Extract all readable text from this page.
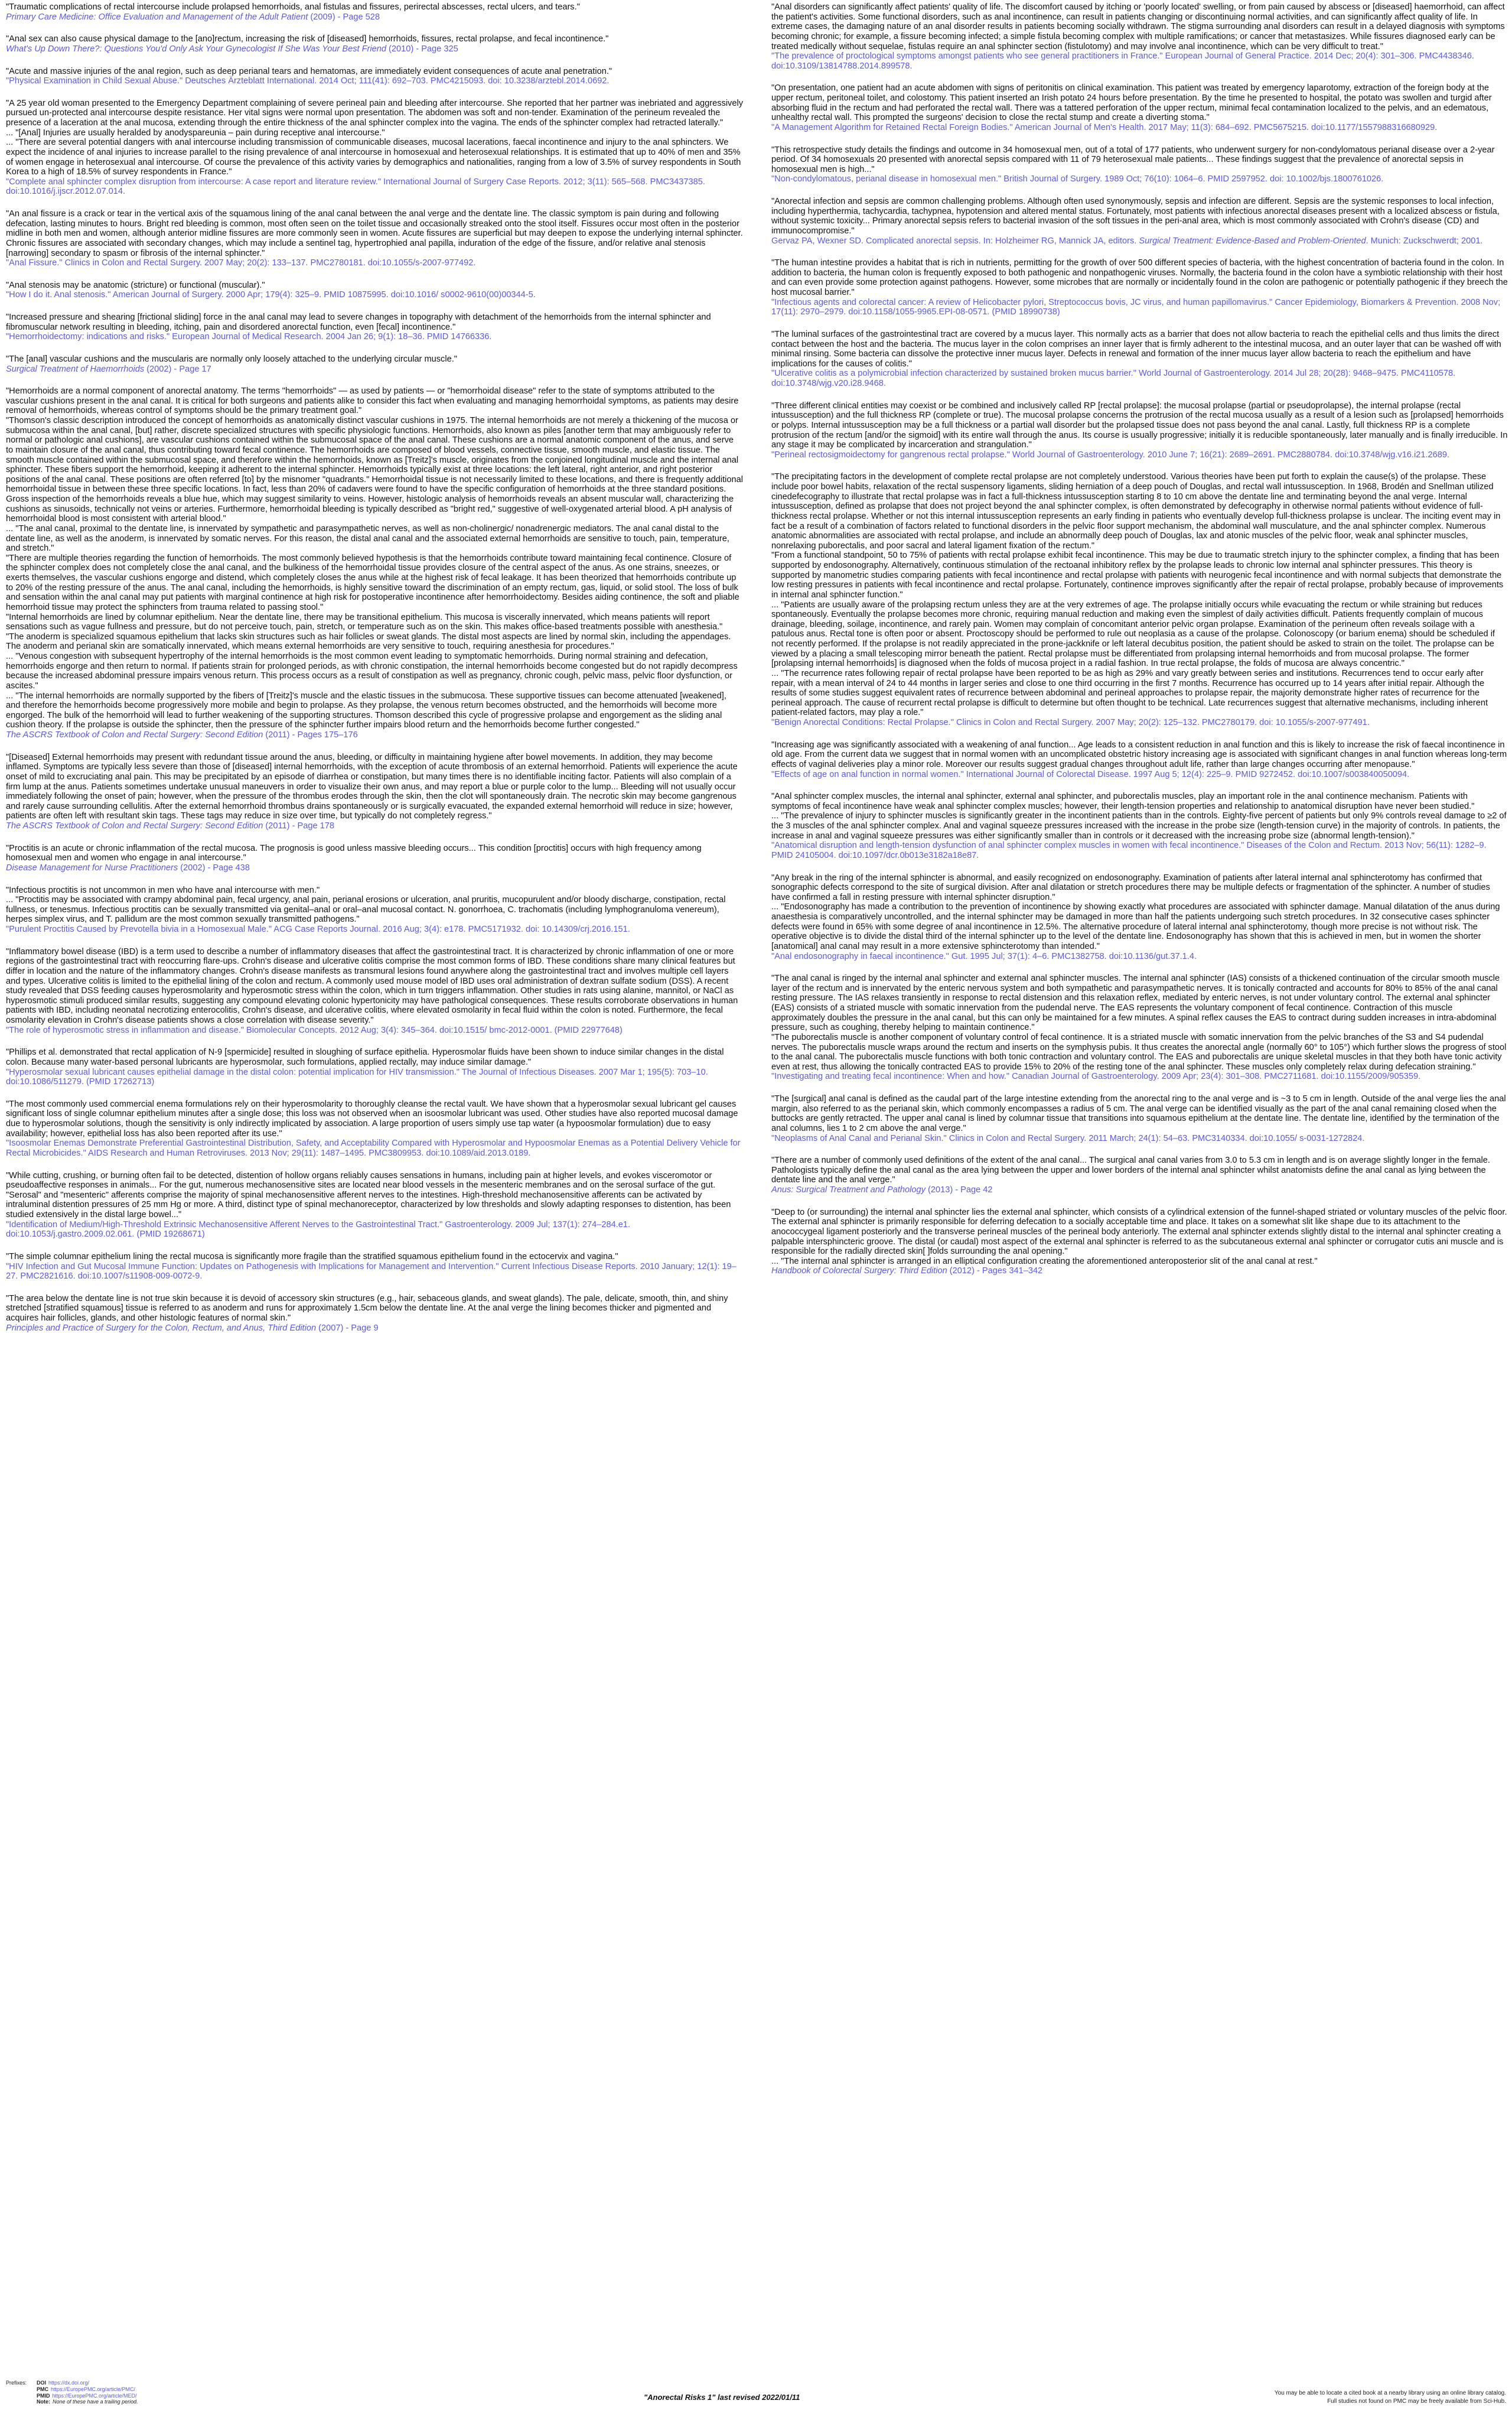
"Traumatic complications of rectal intercourse include prolapsed hemorrhoids, anal fistulas and fissures, perirectal abscesses, rectal ulcers, and tears."

Primary Care Medicine: Office Evaluation and Management of the Adult Patient (2009) - Page 528

"Anal sex can also cause physical damage to the [ano]rectum, increasing the risk of [diseased] hemorrhoids, fissures, rectal prolapse, and fecal incontinence."

What's Up Down There?: Questions You'd Only Ask Your Gynecologist If She Was Your Best Friend (2010) - Page 325

"Acute and massive injuries of the anal region, such as deep perianal tears and hematomas, are immediately evident consequences of acute anal penetration."

"Physical Examination in Child Sexual Abuse." Deutsches Ärzteblatt International. 2014 Oct; 111(41): 692–703. PMC4215093. doi: 10.3238/arztebl.2014.0692.

"A 25 year old woman presented to the Emergency Department complaining of severe perineal pain and bleeding after intercourse. She reported that her partner was inebriated and aggressively pursued un-protected anal intercourse despite resistance. Her vital signs were normal upon presentation. The abdomen was soft and non-tender. Examination of the perineum revealed the presence of a laceration at the anal mucosa, extending through the entire thickness of the anal sphincter complex into the vagina. The ends of the sphincter complex had retracted laterally."
... "[Anal] Injuries are usually heralded by anodyspareunia – pain during receptive anal intercourse."
... "There are several potential dangers with anal intercourse including transmission of communicable diseases, mucosal lacerations, faecal incontinence and injury to the anal sphincters. We expect the incidence of anal injuries to increase parallel to the rising prevalence of anal intercourse in homosexual and heterosexual relationships. It is estimated that up to 40% of men and 35% of women engage in heterosexual anal intercourse. Of course the prevalence of this activity varies by demographics and nationalities, ranging from a low of 3.5% of survey respondents in South Korea to a high of 18.5% of survey respondents in France."

"Complete anal sphincter complex disruption from intercourse: A case report and literature review." International Journal of Surgery Case Reports. 2012; 3(11): 565–568. PMC3437385. doi:10.1016/j.ijscr.2012.07.014.

"An anal fissure is a crack or tear in the vertical axis of the squamous lining of the anal canal between the anal verge and the dentate line. The classic symptom is pain during and following defecation, lasting minutes to hours. Bright red bleeding is common, most often seen on the toilet tissue and occasionally streaked onto the stool itself. Fissures occur most often in the posterior midline in both men and women, although anterior midline fissures are more commonly seen in women. Acute fissures are superficial but may deepen to expose the underlying internal sphincter. Chronic fissures are associated with secondary changes, which may include a sentinel tag, hypertrophied anal papilla, induration of the edge of the fissure, and/or relative anal stenosis [narrowing] secondary to spasm or fibrosis of the internal sphincter."

"Anal Fissure." Clinics in Colon and Rectal Surgery. 2007 May; 20(2): 133–137. PMC2780181. doi:10.1055/s-2007-977492.

"Anal stenosis may be anatomic (stricture) or functional (muscular)."

"How I do it. Anal stenosis." American Journal of Surgery. 2000 Apr; 179(4): 325–9. PMID 10875995. doi:10.1016/ s0002-9610(00)00344-5.

"Increased pressure and shearing [frictional sliding] force in the anal canal may lead to severe changes in topography with detachment of the hemorrhoids from the internal sphincter and fibromuscular network resulting in bleeding, itching, pain and disordered anorectal function, even [fecal] incontinence."

"Hemorrhoidectomy: indications and risks." European Journal of Medical Research. 2004 Jan 26; 9(1): 18–36. PMID 14766336.

"The [anal] vascular cushions and the muscularis are normally only loosely attached to the underlying circular muscle."

Surgical Treatment of Haemorrhoids (2002) - Page 17

"Hemorrhoids are a normal component of anorectal anatomy. The terms "hemorrhoids" — as used by patients — or "hemorrhoidal disease" refer to the state of symptoms attributed to the vascular cushions present in the anal canal. It is critical for both surgeons and patients alike to consider this fact when evaluating and managing hemorrhoidal symptoms, as patients may desire removal of hemorrhoids, whereas control of symptoms should be the primary treatment goal."
"Thomson's classic description introduced the concept of hemorrhoids as anatomically distinct vascular cushions in 1975. The internal hemorrhoids are not merely a thickening of the mucosa or submucosa within the anal canal, [but] rather, discrete specialized structures with specific physiologic functions. Hemorrhoids, also known as piles [another term that may ambiguously refer to normal or pathologic anal cushions], are vascular cushions contained within the submucosal space of the anal canal. These cushions are a normal anatomic component of the anus, and serve to maintain closure of the anal canal, thus contributing toward fecal continence. The hemorrhoids are composed of blood vessels, connective tissue, smooth muscle, and elastic tissue. The smooth muscle contained within the submucosal space, and therefore within the hemorrhoids, known as [Treitz]'s muscle, originates from the conjoined longitudinal muscle and the internal anal sphincter. These fibers support the hemorrhoid, keeping it adherent to the internal sphincter. Hemorrhoids typically exist at three locations: the left lateral, right anterior, and right posterior positions of the anal canal. These positions are often referred [to] by the misnomer "quadrants." Hemorrhoidal tissue is not necessarily limited to these locations, and there is frequently additional hemorrhoidal tissue in between these three specific locations. In fact, less than 20% of cadavers were found to have the specific configuration of hemorrhoids at the three standard positions. Gross inspection of the hemorrhoids reveals a blue hue, which may suggest similarity to veins. However, histologic analysis of hemorrhoids reveals an absent muscular wall, characterizing the cushions as sinusoids, technically not veins or arteries. Furthermore, hemorrhoidal bleeding is typically described as "bright red," suggestive of well-oxygenated arterial blood. A pH analysis of hemorrhoidal blood is most consistent with arterial blood."
... "The anal canal, proximal to the dentate line, is innervated by sympathetic and parasympathetic nerves, as well as non-cholinergic/ nonadrenergic mediators. The anal canal distal to the dentate line, as well as the anoderm, is innervated by somatic nerves. For this reason, the distal anal canal and the associated external hemorrhoids are sensitive to touch, pain, temperature, and stretch."
"There are multiple theories regarding the function of hemorrhoids. The most commonly believed hypothesis is that the hemorrhoids contribute toward maintaining fecal continence. Closure of the sphincter complex does not completely close the anal canal, and the bulkiness of the hemorrhoidal tissue provides closure of the central aspect of the anus. As one strains, sneezes, or exerts themselves, the vascular cushions engorge and distend, which completely closes the anus while at the highest risk of fecal leakage. It has been theorized that hemorrhoids contribute up to 20% of the resting pressure of the anus. The anal canal, including the hemorrhoids, is highly sensitive toward the discrimination of an empty rectum, gas, liquid, or solid stool. The loss of bulk and sensation within the anal canal may put patients with marginal continence at high risk for postoperative incontinence after hemorrhoidectomy. Besides aiding continence, the soft and pliable hemorrhoid tissue may protect the sphincters from trauma related to passing stool."
"Internal hemorrhoids are lined by columnar epithelium. Near the dentate line, there may be transitional epithelium. This mucosa is viscerally innervated, which means patients will report sensations such as vague fullness and pressure, but do not perceive touch, pain, stretch, or temperature such as on the skin. This makes office-based treatments possible with anesthesia."
"The anoderm is specialized squamous epithelium that lacks skin structures such as hair follicles or sweat glands. The distal most aspects are lined by normal skin, including the appendages. The anoderm and perianal skin are somatically innervated, which means external hemorrhoids are very sensitive to touch, requiring anesthesia for procedures."
... "Venous congestion with subsequent hypertrophy of the internal hemorrhoids is the most common event leading to symptomatic hemorrhoids. During normal straining and defecation, hemorrhoids engorge and then return to normal. If patients strain for prolonged periods, as with chronic constipation, the internal hemorrhoids become congested but do not rapidly decompress because the increased abdominal pressure impairs venous return. This process occurs as a result of constipation as well as pregnancy, chronic cough, pelvic mass, pelvic floor dysfunction, or ascites."
... "The internal hemorrhoids are normally supported by the fibers of [Treitz]'s muscle and the elastic tissues in the submucosa. These supportive tissues can become attenuated [weakened], and therefore the hemorrhoids become progressively more mobile and begin to prolapse. As they prolapse, the venous return becomes obstructed, and the hemorrhoids will become more engorged. The bulk of the hemorrhoid will lead to further weakening of the supporting structures. Thomson described this cycle of progressive prolapse and engorgement as the sliding anal cushion theory. If the prolapse is outside the sphincter, then the pressure of the sphincter further impairs blood return and the hemorrhoids become further congested."

The ASCRS Textbook of Colon and Rectal Surgery: Second Edition (2011) - Pages 175–176

"[Diseased] External hemorrhoids may present with redundant tissue around the anus, bleeding, or difficulty in maintaining hygiene after bowel movements. In addition, they may become inflamed. Symptoms are typically less severe than those of [diseased] internal hemorrhoids, with the exception of acute thrombosis of an external hemorrhoid. Patients will experience the acute onset of mild to excruciating anal pain. This may be precipitated by an episode of diarrhea or constipation, but many times there is no identifiable inciting factor. Patients will also complain of a firm lump at the anus. Patients sometimes undertake unusual maneuvers in order to visualize their own anus, and may report a blue or purple color to the lump... Bleeding will not usually occur immediately following the onset of pain; however, when the pressure of the thrombus erodes through the skin, then the clot will spontaneously drain. The necrotic skin may become gangrenous and rarely cause surrounding cellulitis. After the external hemorrhoid thrombus drains spontaneously or is surgically evacuated, the expanded external hemorrhoid will reduce in size; however, patients are often left with resultant skin tags. These tags may reduce in size over time, but typically do not completely regress."

The ASCRS Textbook of Colon and Rectal Surgery: Second Edition (2011) - Page 178

"Proctitis is an acute or chronic inflammation of the rectal mucosa. The prognosis is good unless massive bleeding occurs... This condition [proctitis] occurs with high frequency among homosexual men and women who engage in anal intercourse."

Disease Management for Nurse Practitioners (2002) - Page 438

"Infectious proctitis is not uncommon in men who have anal intercourse with men."
... "Proctitis may be associated with crampy abdominal pain, fecal urgency, anal pain, perianal erosions or ulceration, anal pruritis, mucopurulent and/or bloody discharge, constipation, rectal fullness, or tenesmus. Infectious proctitis can be sexually transmitted via genital–anal or oral–anal mucosal contact. N. gonorrhoea, C. trachomatis (including lymphogranuloma venereum), herpes simplex virus, and T. pallidum are the most common sexually transmitted pathogens."

"Purulent Proctitis Caused by Prevotella bivia in a Homosexual Male." ACG Case Reports Journal. 2016 Aug; 3(4): e178. PMC5171932. doi: 10.14309/crj.2016.151.

"Inflammatory bowel disease (IBD) is a term used to describe a number of inflammatory diseases that affect the gastrointestinal tract. It is characterized by chronic inflammation of one or more regions of the gastrointestinal tract with reoccurring flare-ups. Crohn's disease and ulcerative colitis comprise the most common forms of IBD. These conditions share many clinical features but differ in location and the nature of the inflammatory changes. Crohn's disease manifests as transmural lesions found anywhere along the gastrointestinal tract and involves multiple cell layers and types. Ulcerative colitis is limited to the epithelial lining of the colon and rectum. A commonly used mouse model of IBD uses oral administration of dextran sulfate sodium (DSS). A recent study revealed that DSS feeding causes hyperosmolarity and hyperosmotic stress within the colon, which in turn triggers inflammation. Other studies in rats using alanine, mannitol, or NaCl as hyperosmotic stimuli produced similar results, suggesting any compound elevating colonic hypertonicity may have pathological consequences. These results corroborate observations in human patients with IBD, including neonatal necrotizing enterocolitis, Crohn's disease, and ulcerative colitis, where elevated osmolarity in fecal fluid within the colon is noted. Furthermore, the fecal osmolarity elevation in Crohn's disease patients shows a close correlation with disease severity."

"The role of hyperosmotic stress in inflammation and disease." Biomolecular Concepts. 2012 Aug; 3(4): 345–364. doi:10.1515/ bmc-2012-0001. (PMID 22977648)

"Phillips et al. demonstrated that rectal application of N-9 [spermicide] resulted in sloughing of surface epithelia. Hyperosmolar fluids have been shown to induce similar changes in the distal colon. Because many water-based personal lubricants are hyperosmolar, such formulations, applied rectally, may induce similar damage."

"Hyperosmolar sexual lubricant causes epithelial damage in the distal colon: potential implication for HIV transmission." The Journal of Infectious Diseases. 2007 Mar 1; 195(5): 703–10. doi:10.1086/511279. (PMID 17262713)

"The most commonly used commercial enema formulations rely on their hyperosmolarity to thoroughly cleanse the rectal vault. We have shown that a hyperosmolar sexual lubricant gel causes significant loss of single columnar epithelium minutes after a single dose; this loss was not observed when an isoosmolar lubricant was used. Other studies have also reported mucosal damage due to hyperosmolar solutions, though the sensitivity is only indirectly implicated by association. A large proportion of users simply use tap water (a hypoosmolar formulation) due to easy availability; however, epithelial loss has also been reported after its use."

"Isoosmolar Enemas Demonstrate Preferential Gastrointestinal Distribution, Safety, and Acceptability Compared with Hyperosmolar and Hypoosmolar Enemas as a Potential Delivery Vehicle for Rectal Microbicides." AIDS Research and Human Retroviruses. 2013 Nov; 29(11): 1487–1495. PMC3809953. doi:10.1089/aid.2013.0189.

"While cutting, crushing, or burning often fail to be detected, distention of hollow organs reliably causes sensations in humans, including pain at higher levels, and evokes visceromotor or pseudoaffective responses in animals... For the gut, numerous mechanosensitive sites are located near blood vessels in the mesenteric membranes and on the serosal surface of the gut. "Serosal" and "mesenteric" afferents comprise the majority of spinal mechanosensitive afferent nerves to the intestines. High-threshold mechanosensitive afferents can be activated by intraluminal distention pressures of 25 mm Hg or more. A third, distinct type of spinal mechanoreceptor, characterized by low thresholds and slowly adapting responses to distention, has been studied extensively in the distal large bowel..."

"Identification of Medium/High-Threshold Extrinsic Mechanosensitive Afferent Nerves to the Gastrointestinal Tract." Gastroenterology. 2009 Jul; 137(1): 274–284.e1. doi:10.1053/j.gastro.2009.02.061. (PMID 19268671)

"The simple columnar epithelium lining the rectal mucosa is significantly more fragile than the stratified squamous epithelium found in the ectocervix and vagina."

"HIV Infection and Gut Mucosal Immune Function: Updates on Pathogenesis with Implications for Management and Intervention." Current Infectious Disease Reports. 2010 January; 12(1): 19–27. PMC2821616. doi:10.1007/s11908-009-0072-9.

"The area below the dentate line is not true skin because it is devoid of accessory skin structures (e.g., hair, sebaceous glands, and sweat glands). The pale, delicate, smooth, thin, and shiny stretched [stratified squamous] tissue is referred to as anoderm and runs for approximately 1.5cm below the dentate line. At the anal verge the lining becomes thicker and pigmented and acquires hair follicles, glands, and other histologic features of normal skin."

Principles and Practice of Surgery for the Colon, Rectum, and Anus, Third Edition (2007) - Page 9

"Anal disorders can significantly affect patients' quality of life. The discomfort caused by itching or 'poorly located' swelling, or from pain caused by abscess or [diseased] haemorrhoid, can affect the patient's activities. Some functional disorders, such as anal incontinence, can result in patients changing or discontinuing normal activities, and can significantly affect quality of life. In extreme cases, the damaging nature of an anal disorder results in patients becoming socially withdrawn. The stigma surrounding anal disorders can result in a delayed diagnosis with symptoms becoming chronic; for example, a fissure becoming infected; a simple fistula becoming complex with multiple ramifications; or cancer that metastasizes. While fissures diagnosed early can be treated medically without sequelae, fistulas require an anal sphincter section (fistulotomy) and may involve anal incontinence, which can be very difficult to treat."

"The prevalence of proctological symptoms amongst patients who see general practitioners in France." European Journal of General Practice. 2014 Dec; 20(4): 301–306. PMC4438346. doi:10.3109/13814788.2014.899578.

"On presentation, one patient had an acute abdomen with signs of peritonitis on clinical examination. This patient was treated by emergency laparotomy, extraction of the foreign body at the upper rectum, peritoneal toilet, and colostomy. This patient inserted an Irish potato 24 hours before presentation. By the time he presented to hospital, the potato was swollen and turgid after absorbing fluid in the rectum and had perforated the rectal wall. There was a tattered perforation of the upper rectum, minimal fecal contamination localized to the pelvis, and an edematous, unhealthy rectal wall. This prompted the surgeons' decision to close the rectal stump and create a diverting stoma."

"A Management Algorithm for Retained Rectal Foreign Bodies." American Journal of Men's Health. 2017 May; 11(3): 684–692. PMC5675215. doi:10.1177/1557988316680929.

"This retrospective study details the findings and outcome in 34 homosexual men, out of a total of 177 patients, who underwent surgery for non-condylomatous perianal disease over a 2-year period. Of 34 homosexuals 20 presented with anorectal sepsis compared with 11 of 79 heterosexual male patients... These findings suggest that the prevalence of anorectal sepsis in homosexual men is high..."

"Non-condylomatous, perianal disease in homosexual men." British Journal of Surgery. 1989 Oct; 76(10): 1064–6. PMID 2597952. doi: 10.1002/bjs.1800761026.

"Anorectal infection and sepsis are common challenging problems. Although often used synonymously, sepsis and infection are different. Sepsis are the systemic responses to local infection, including hyperthermia, tachycardia, tachypnea, hypotension and altered mental status. Fortunately, most patients with infectious anorectal diseases present with a localized abscess or fistula, without systemic toxicity... Primary anorectal sepsis refers to bacterial invasion of the soft tissues in the peri-anal area, which is most commonly associated with Crohn's disease (CD) and immunocompromise."

Gervaz PA, Wexner SD. Complicated anorectal sepsis. In: Holzheimer RG, Mannick JA, editors. Surgical Treatment: Evidence-Based and Problem-Oriented. Munich: Zuckschwerdt; 2001.

"The human intestine provides a habitat that is rich in nutrients, permitting for the growth of over 500 different species of bacteria, with the highest concentration of bacteria found in the colon. In addition to bacteria, the human colon is frequently exposed to both pathogenic and nonpathogenic viruses. Normally, the bacteria found in the colon have a symbiotic relationship with their host and can even provide some protection against pathogens. However, some microbes that are normally or incidentally found in the colon are pathogenic or potentially pathogenic if they breech the host mucosal barrier."

"Infectious agents and colorectal cancer: A review of Helicobacter pylori, Streptococcus bovis, JC virus, and human papillomavirus." Cancer Epidemiology, Biomarkers & Prevention. 2008 Nov; 17(11): 2970–2979. doi:10.1158/1055-9965.EPI-08-0571. (PMID 18990738)

"The luminal surfaces of the gastrointestinal tract are covered by a mucus layer. This normally acts as a barrier that does not allow bacteria to reach the epithelial cells and thus limits the direct contact between the host and the bacteria. The mucus layer in the colon comprises an inner layer that is firmly adherent to the intestinal mucosa, and an outer layer that can be washed off with minimal rinsing. Some bacteria can dissolve the protective inner mucus layer. Defects in renewal and formation of the inner mucus layer allow bacteria to reach the epithelium and have implications for the causes of colitis."

"Ulcerative colitis as a polymicrobial infection characterized by sustained broken mucus barrier." World Journal of Gastroenterology. 2014 Jul 28; 20(28): 9468–9475. PMC4110578. doi:10.3748/wjg.v20.i28.9468.

"Three different clinical entities may coexist or be combined and inclusively called RP [rectal prolapse]: the mucosal prolapse (partial or pseudoprolapse), the internal prolapse (rectal intussusception) and the full thickness RP (complete or true). The mucosal prolapse concerns the protrusion of the rectal mucosa usually as a result of a lesion such as [prolapsed] hemorrhoids or polyps. Internal intussusception may be a full thickness or a partial wall disorder but the prolapsed tissue does not pass beyond the anal canal. Lastly, full thickness RP is a complete protrusion of the rectum [and/or the sigmoid] with its entire wall through the anus. Its course is usually progressive; initially it is reducible spontaneously, later manually and is finally irreducible. In any stage it may be complicated by incarceration and strangulation."

"Perineal rectosigmoidectomy for gangrenous rectal prolapse." World Journal of Gastroenterology. 2010 June 7; 16(21): 2689–2691. PMC2880784. doi:10.3748/wjg.v16.i21.2689.

"The precipitating factors in the development of complete rectal prolapse are not completely understood. Various theories have been put forth to explain the cause(s) of the prolapse. These include poor bowel habits, relaxation of the rectal suspensory ligaments, sliding herniation of a deep pouch of Douglas, and rectal wall intussusception. In 1968, Brodén and Snellman utilized cinedefecography to illustrate that rectal prolapse was in fact a full-thickness intussusception starting 8 to 10 cm above the dentate line and terminating beyond the anal verge. Internal intussusception, defined as prolapse that does not project beyond the anal sphincter complex, is often demonstrated by defecography in otherwise normal patients without evidence of full-thickness rectal prolapse. Whether or not this internal intussusception represents an early finding in patients who eventually develop full-thickness prolapse is unclear. The inciting event may in fact be a result of a combination of factors related to functional disorders in the pelvic floor support mechanism, the abdominal wall musculature, and the anal sphincter complex. Numerous anatomic abnormalities are associated with rectal prolapse, and include an abnormally deep pouch of Douglas, lax and atonic muscles of the pelvic floor, weak anal sphincter muscles, nonrelaxing puborectalis, and poor sacral and lateral ligament fixation of the rectum."
"From a functional standpoint, 50 to 75% of patients with rectal prolapse exhibit fecal incontinence. This may be due to traumatic stretch injury to the sphincter complex, a finding that has been supported by endosonography. Alternatively, continuous stimulation of the rectoanal inhibitory reflex by the prolapse leads to chronic low internal anal sphincter pressures. This theory is supported by manometric studies comparing patients with fecal incontinence and rectal prolapse with patients with neurogenic fecal incontinence and with normal subjects that demonstrate the low resting pressures in patients with fecal incontinence and rectal prolapse. Fortunately, continence improves significantly after the repair of rectal prolapse, probably because of improvements in internal anal sphincter function."
... "Patients are usually aware of the prolapsing rectum unless they are at the very extremes of age. The prolapse initially occurs while evacuating the rectum or while straining but reduces spontaneously. Eventually the prolapse becomes more chronic, requiring manual reduction and making even the simplest of daily activities difficult. Patients frequently complain of mucous drainage, bleeding, soilage, incontinence, and rarely pain. Women may complain of concomitant anterior pelvic organ prolapse. Examination of the perineum often reveals soilage with a patulous anus. Rectal tone is often poor or absent. Proctoscopy should be performed to rule out neoplasia as a cause of the prolapse. Colonoscopy (or barium enema) should be scheduled if not recently performed. If the prolapse is not readily appreciated in the prone-jackknife or left lateral decubitus position, the patient should be asked to strain on the toilet. The prolapse can be viewed by a placing a small telescoping mirror beneath the patient. Rectal prolapse must be differentiated from prolapsing internal hemorrhoids and from mucosal prolapse. The former [prolapsing internal hemorrhoids] is diagnosed when the folds of mucosa project in a radial fashion. In true rectal prolapse, the folds of mucosa are always concentric."
... "The recurrence rates following repair of rectal prolapse have been reported to be as high as 29% and vary greatly between series and institutions. Recurrences tend to occur early after repair, with a mean interval of 24 to 44 months in larger series and close to one third occurring in the first 7 months. Recurrence has occurred up to 14 years after initial repair. Although the results of some studies suggest equivalent rates of recurrence between abdominal and perineal approaches to prolapse repair, the majority demonstrate higher rates of recurrence for the perineal approach. The cause of recurrent rectal prolapse is difficult to determine but often thought to be technical. Late recurrences suggest that alternative mechanisms, including inherent patient-related factors, may play a role."

"Benign Anorectal Conditions: Rectal Prolapse." Clinics in Colon and Rectal Surgery. 2007 May; 20(2): 125–132. PMC2780179. doi: 10.1055/s-2007-977491.

"Increasing age was significantly associated with a weakening of anal function... Age leads to a consistent reduction in anal function and this is likely to increase the risk of faecal incontinence in old age. From the current data we suggest that in normal women with an uncomplicated obstetric history increasing age is associated with significant changes in anal function whereas long-term effects of vaginal deliveries play a minor role. Moreover our results suggest gradual changes throughout adult life, rather than large changes occurring after menopause."

"Effects of age on anal function in normal women." International Journal of Colorectal Disease. 1997 Aug 5; 12(4): 225–9. PMID 9272452. doi:10.1007/s003840050094.

"Anal sphincter complex muscles, the internal anal sphincter, external anal sphincter, and puborectalis muscles, play an important role in the anal continence mechanism. Patients with symptoms of fecal incontinence have weak anal sphincter complex muscles; however, their length-tension properties and relationship to anatomical disruption have never been studied."
... "The prevalence of injury to sphincter muscles is significantly greater in the incontinent patients than in the controls. Eighty-five percent of patients but only 9% controls reveal damage to ≥2 of the 3 muscles of the anal sphincter complex. Anal and vaginal squeeze pressures increased with the increase in the probe size (length-tension curve) in the majority of controls. In patients, the increase in anal and vaginal squeeze pressures was either significantly smaller than in controls or it decreased with the increasing probe size (abnormal length-tension)."

"Anatomical disruption and length-tension dysfunction of anal sphincter complex muscles in women with fecal incontinence." Diseases of the Colon and Rectum. 2013 Nov; 56(11): 1282–9. PMID 24105004. doi:10.1097/dcr.0b013e3182a18e87.

"Any break in the ring of the internal sphincter is abnormal, and easily recognized on endosonography. Examination of patients after lateral internal anal sphincterotomy has confirmed that sonographic defects correspond to the site of surgical division. After anal dilatation or stretch procedures there may be multiple defects or fragmentation of the sphincter. A number of studies have confirmed a fall in resting pressure with internal sphincter disruption."
... "Endosonography has made a contribution to the prevention of incontinence by showing exactly what procedures are associated with sphincter damage. Manual dilatation of the anus during anaesthesia is comparatively uncontrolled, and the internal sphincter may be damaged in more than half the patients undergoing such stretch procedures. In 32 consecutive cases sphincter defects were found in 65% with some degree of anal incontinence in 12.5%. The alternative procedure of lateral internal anal sphincterotomy, though more precise is not without risk. The operative objective is to divide the distal third of the internal sphincter up to the level of the dentate line. Endosonography has shown that this is achieved in men, but in women the shorter [anatomical] anal canal may result in a more extensive sphincterotomy than intended."

"Anal endosonography in faecal incontinence." Gut. 1995 Jul; 37(1): 4–6. PMC1382758. doi:10.1136/gut.37.1.4.

"The anal canal is ringed by the internal anal sphincter and external anal sphincter muscles. The internal anal sphincter (IAS) consists of a thickened continuation of the circular smooth muscle layer of the rectum and is innervated by the enteric nervous system and both sympathetic and parasympathetic nerves. It is tonically contracted and accounts for 80% to 85% of the anal canal resting pressure. The IAS relaxes transiently in response to rectal distension and this relaxation reflex, mediated by enteric nerves, is not under voluntary control. The external anal sphincter (EAS) consists of a striated muscle with somatic innervation from the pudendal nerve. The EAS represents the voluntary component of fecal continence. Contraction of this muscle approximately doubles the pressure in the anal canal, but this can only be maintained for a few minutes. A spinal reflex causes the EAS to contract during sudden increases in intra-abdominal pressure, such as coughing, thereby helping to maintain continence."
"The puborectalis muscle is another component of voluntary control of fecal continence. It is a striated muscle with somatic innervation from the pelvic branches of the S3 and S4 pudendal nerves. The puborectalis muscle wraps around the rectum and inserts on the symphysis pubis. It thus creates the anorectal angle (normally 60° to 105°) which further slows the progress of stool to the anal canal. The puborectalis muscle functions with both tonic contraction and voluntary control. The EAS and puborectalis are unique skeletal muscles in that they both have tonic activity even at rest, thus allowing the tonically contracted EAS to provide 15% to 20% of the resting tone of the anal sphincter. These muscles only completely relax during defecation straining."

"Investigating and treating fecal incontinence: When and how." Canadian Journal of Gastroenterology. 2009 Apr; 23(4): 301–308. PMC2711681. doi:10.1155/2009/905359.

"The [surgical] anal canal is defined as the caudal part of the large intestine extending from the anorectal ring to the anal verge and is ~3 to 5 cm in length. Outside of the anal verge lies the anal margin, also referred to as the perianal skin, which commonly encompasses a radius of 5 cm. The anal verge can be identified visually as the part of the anal canal remaining closed when the buttocks are gently retracted. The upper anal canal is lined by columnar tissue that transitions into squamous epithelium at the dentate line. The dentate line, identified by the termination of the anal columns, lies 1 to 2 cm above the anal verge."

"Neoplasms of Anal Canal and Perianal Skin." Clinics in Colon and Rectal Surgery. 2011 March; 24(1): 54–63. PMC3140334. doi:10.1055/ s-0031-1272824.

"There are a number of commonly used definitions of the extent of the anal canal... The surgical anal canal varies from 3.0 to 5.3 cm in length and is on average slightly longer in the female. Pathologists typically define the anal canal as the area lying between the upper and lower borders of the internal anal sphincter whilst anatomists define the anal canal as lying between the dentate line and the anal verge."

Anus: Surgical Treatment and Pathology (2013) - Page 42

"Deep to (or surrounding) the internal anal sphincter lies the external anal sphincter, which consists of a cylindrical extension of the funnel-shaped striated or voluntary muscles of the pelvic floor. The external anal sphincter is primarily responsible for deferring defecation to a socially acceptable time and place. It takes on a somewhat slit like shape due to its attachment to the anococcygeal ligament posteriorly and the transverse perineal muscles of the perineal body anteriorly. The external anal sphincter extends slightly distal to the internal anal sphincter creating a palpable intersphincteric groove. The distal (or caudal) most aspect of the external anal sphincter is referred to as the subcutaneous external anal sphincter or corrugator cutis ani muscle and is responsible for the radially directed skin[ ]folds surrounding the anal opening."
... "The internal anal sphincter is arranged in an elliptical configuration creating the aforementioned anteroposterior slit of the anal canal at rest."

Handbook of Colorectal Surgery: Third Edition (2012) - Pages 341–342

Prefixes: DOI https://dx.doi.org/
PMC https://EuropePMC.org/article/PMC/
PMID https://EuropePMC.org/article/MED/
Note: None of these have a trailing period.
"Anorectal Risks 1" last revised 2022/01/11	You may be able to locate a cited book at a nearby library using an online library catalog.
Full studies not found on PMC may be freely available from Sci-Hub.
